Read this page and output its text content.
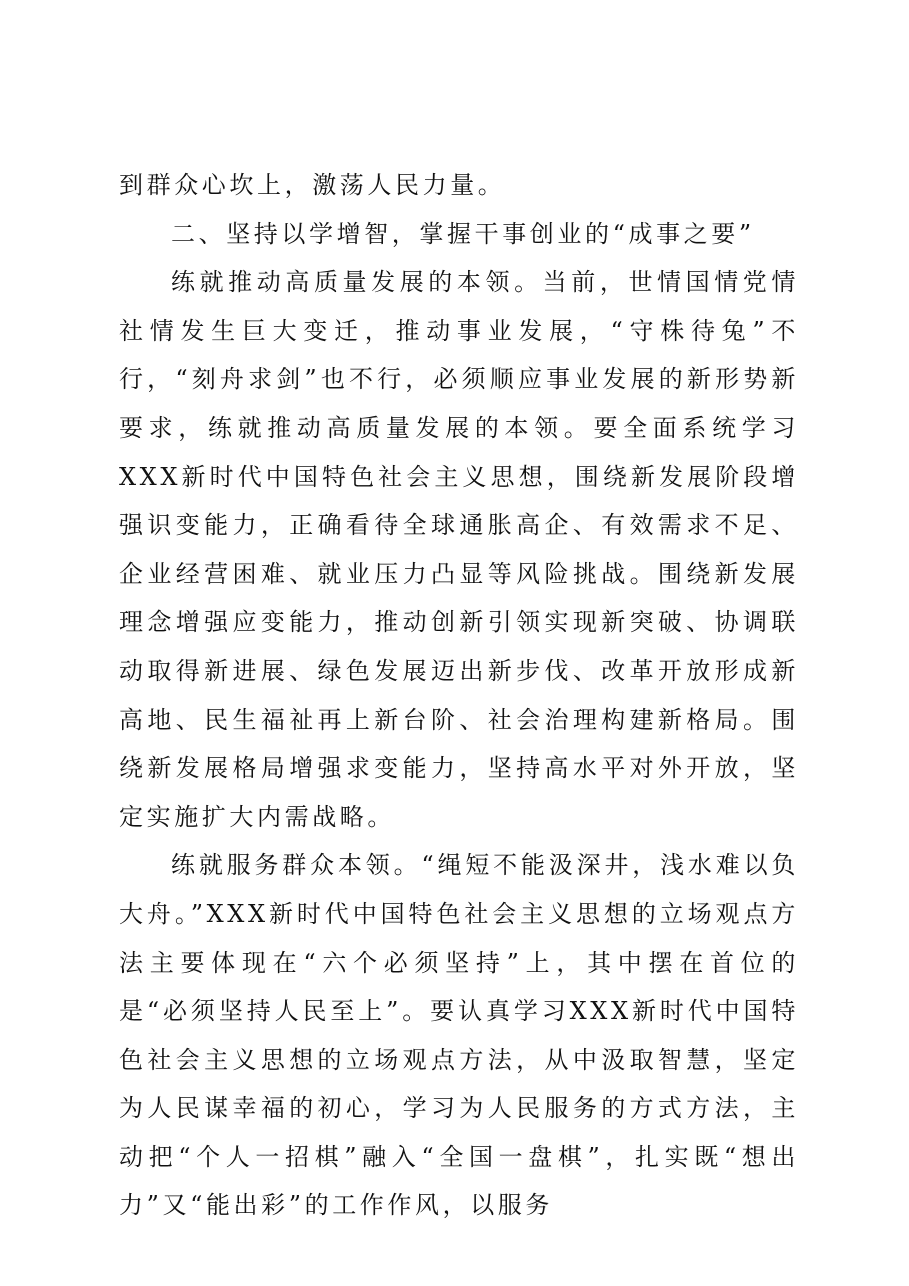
到群众心坎上，激荡人民力量。

二、坚持以学增智，掌握干事创业的“成事之要”

练就推动高质量发展的本领。当前，世情国情党情社情发生巨大变迁，推动事业发展，“守株待兔”不行，“刻舟求剑”也不行，必须顺应事业发展的新形势新要求，练就推动高质量发展的本领。要全面系统学习XXX新时代中国特色社会主义思想，围绕新发展阶段增强识变能力，正确看待全球通胀高企、有效需求不足、企业经营困难、就业压力凸显等风险挑战。围绕新发展理念增强应变能力，推动创新引领实现新突破、协调联动取得新进展、绿色发展迈出新步伐、改革开放形成新高地、民生福祉再上新台阶、社会治理构建新格局。围绕新发展格局增强求变能力，坚持高水平对外开放，坚定实施扩大内需战略。

练就服务群众本领。“绳短不能汲深井，浅水难以负大舟。”XXX新时代中国特色社会主义思想的立场观点方法主要体现在“六个必须坚持”上，其中摆在首位的是“必须坚持人民至上”。要认真学习XXX新时代中国特色社会主义思想的立场观点方法，从中汲取智慧，坚定为人民谋幸福的初心，学习为人民服务的方式方法，主动把“个人一招棋”融入“全国一盘棋”，扎实既“想出力”又“能出彩”的工作作风，以服务
